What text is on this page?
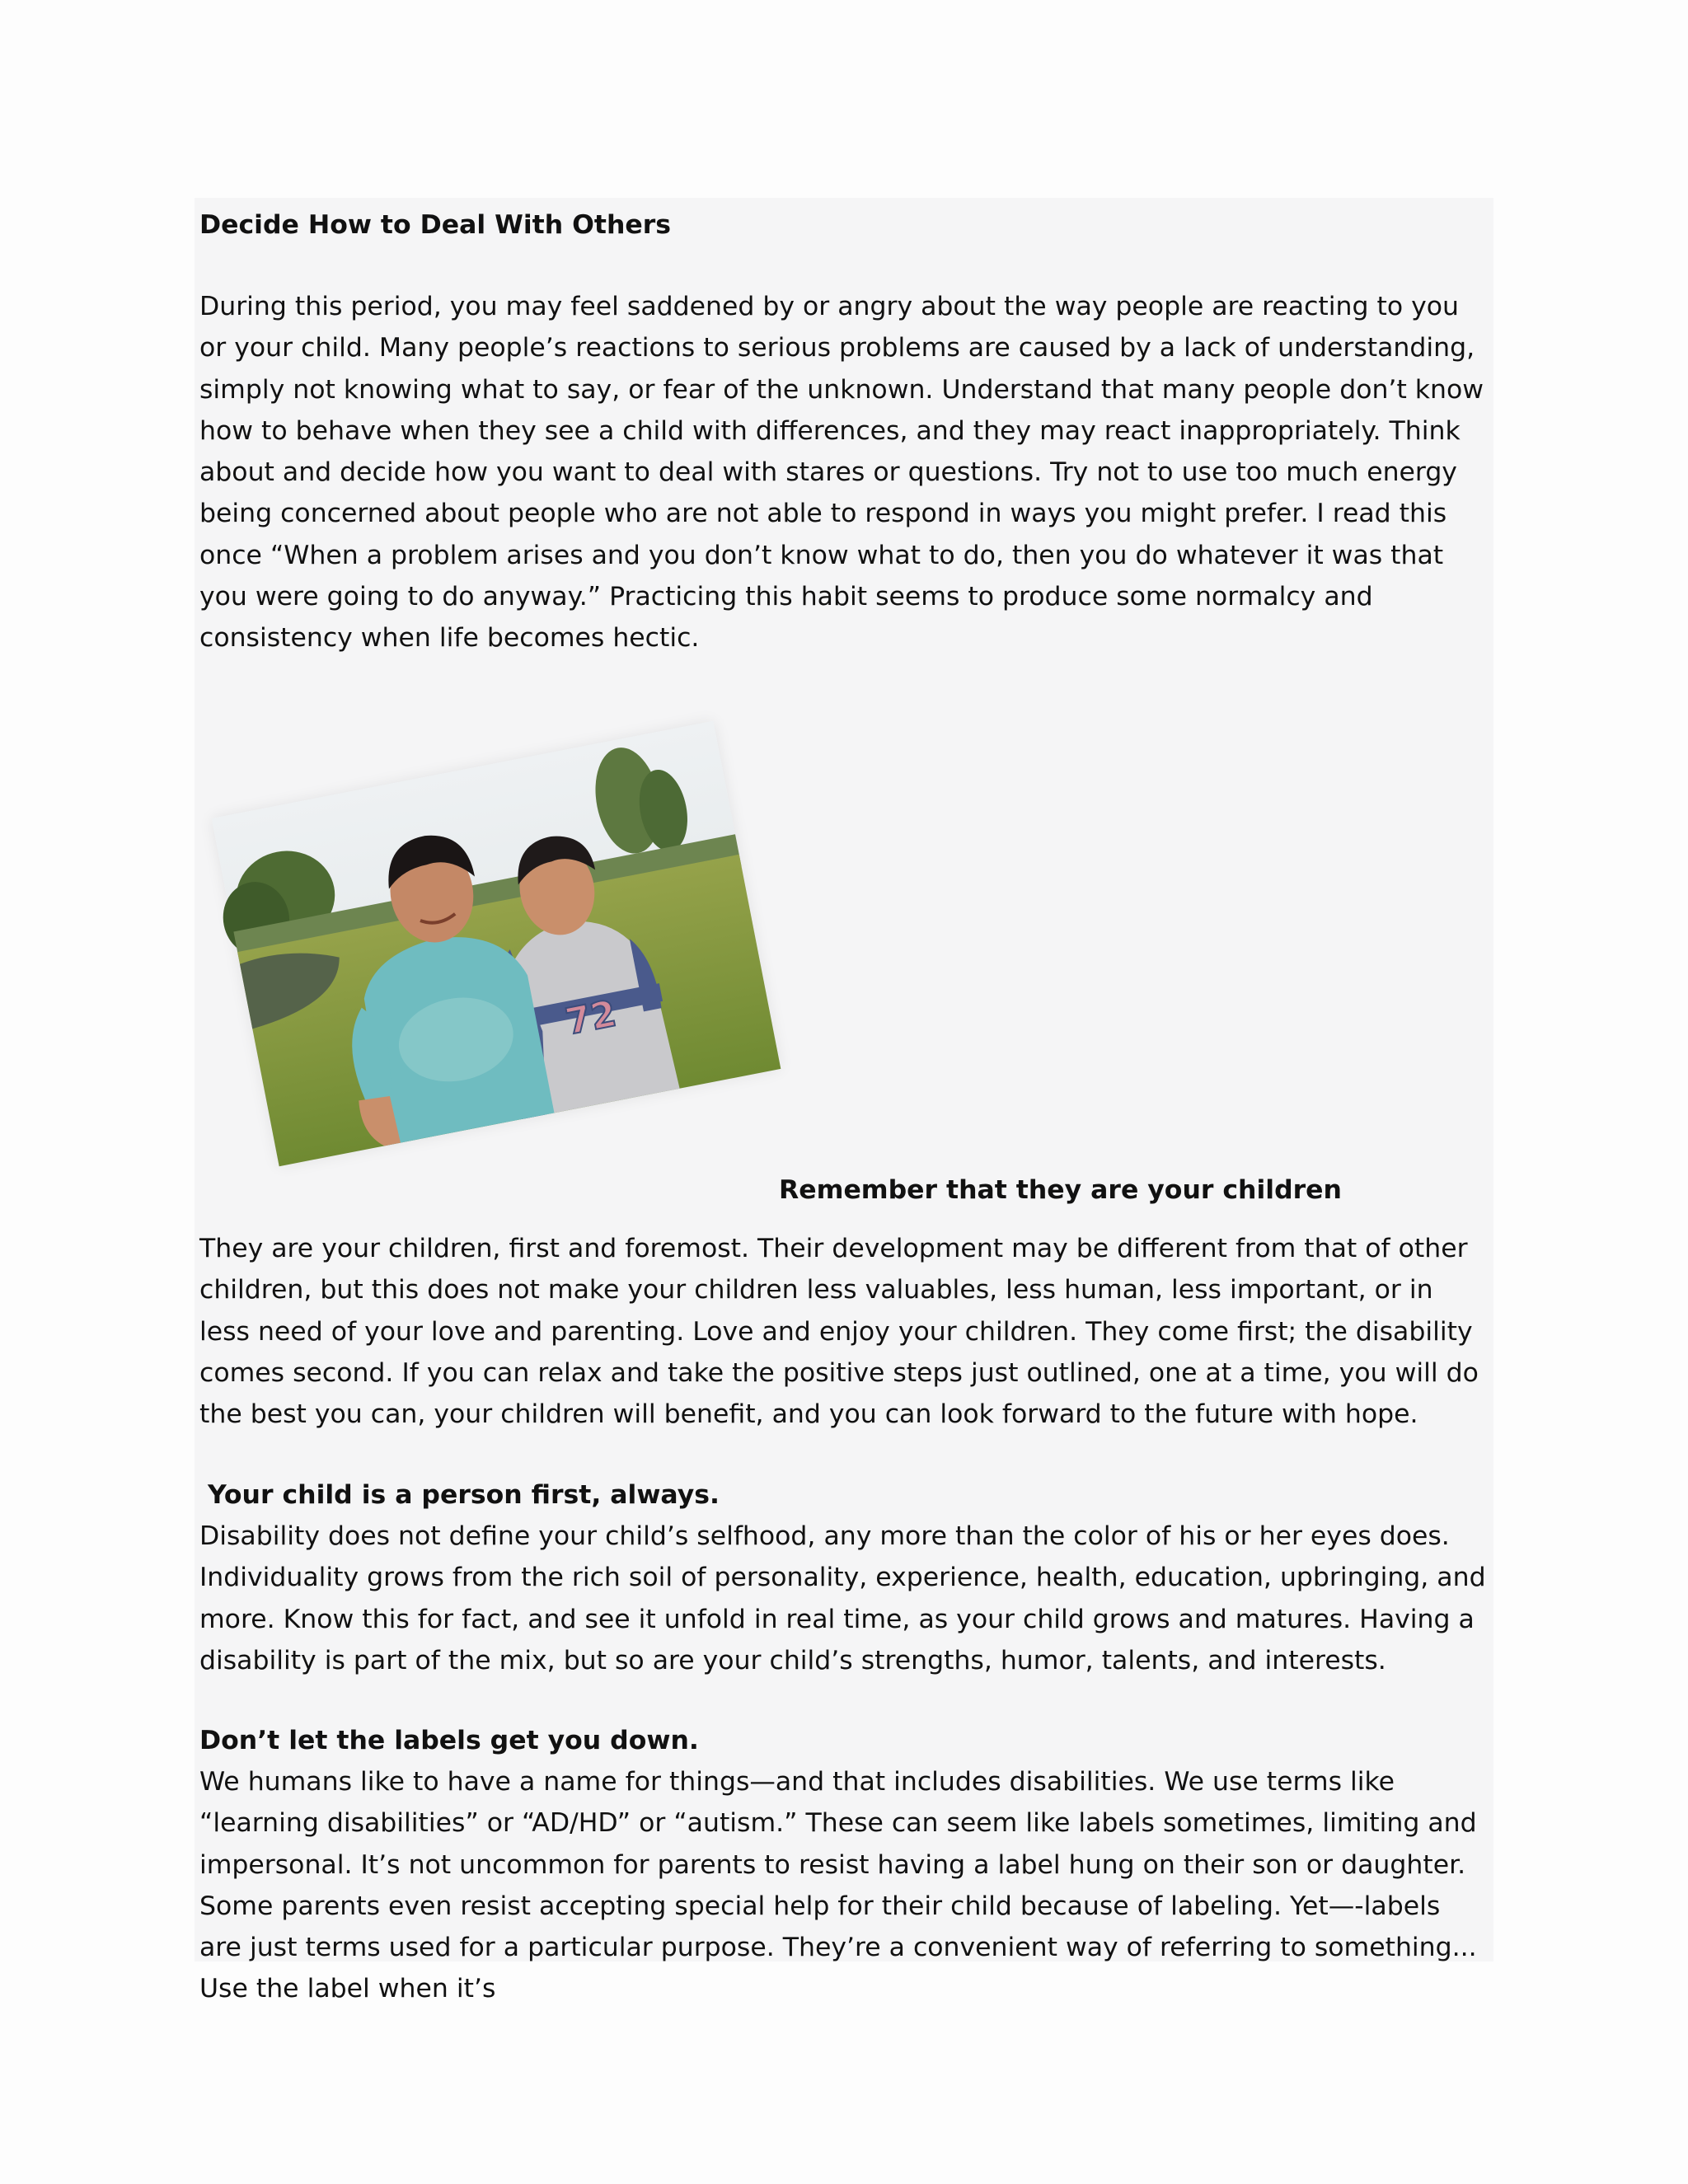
Decide How to Deal With Others

During this period, you may feel saddened by or angry about the way people are reacting to you or your child. Many people’s reactions to serious problems are caused by a lack of understanding, simply not knowing what to say, or fear of the unknown. Understand that many people don’t know how to behave when they see a child with differences, and they may react inappropriately. Think about and decide how you want to deal with stares or questions. Try not to use too much energy being concerned about people who are not able to respond in ways you might prefer. I read this once “When a problem arises and you don’t know what to do, then you do whatever it was that you were going to do anyway.” Practicing this habit seems to produce some normalcy and consistency when life becomes hectic.

72
Remember that they are your children

They are your children, first and foremost. Their development may be different from that of other children, but this does not make your children less valuables, less human, less important, or in less need of your love and parenting. Love and enjoy your children. They come first; the disability comes second. If you can relax and take the positive steps just outlined, one at a time, you will do the best you can, your children will benefit, and you can look forward to the future with hope.

Your child is a person first, always.

Disability does not define your child’s selfhood, any more than the color of his or her eyes does. Individuality grows from the rich soil of personality, experience, health, education, upbringing, and more. Know this for fact, and see it unfold in real time, as your child grows and matures. Having a disability is part of the mix, but so are your child’s strengths, humor, talents, and interests.

Don’t let the labels get you down.

We humans like to have a name for things—and that includes disabilities. We use terms like “learning disabilities” or “AD/HD” or “autism.” These can seem like labels sometimes, limiting and impersonal. It’s not uncommon for parents to resist having a label hung on their son or daughter. Some parents even resist accepting special help for their child because of labeling. Yet—-labels are just terms used for a particular purpose. They’re a convenient way of referring to something... Use the label when it’s
